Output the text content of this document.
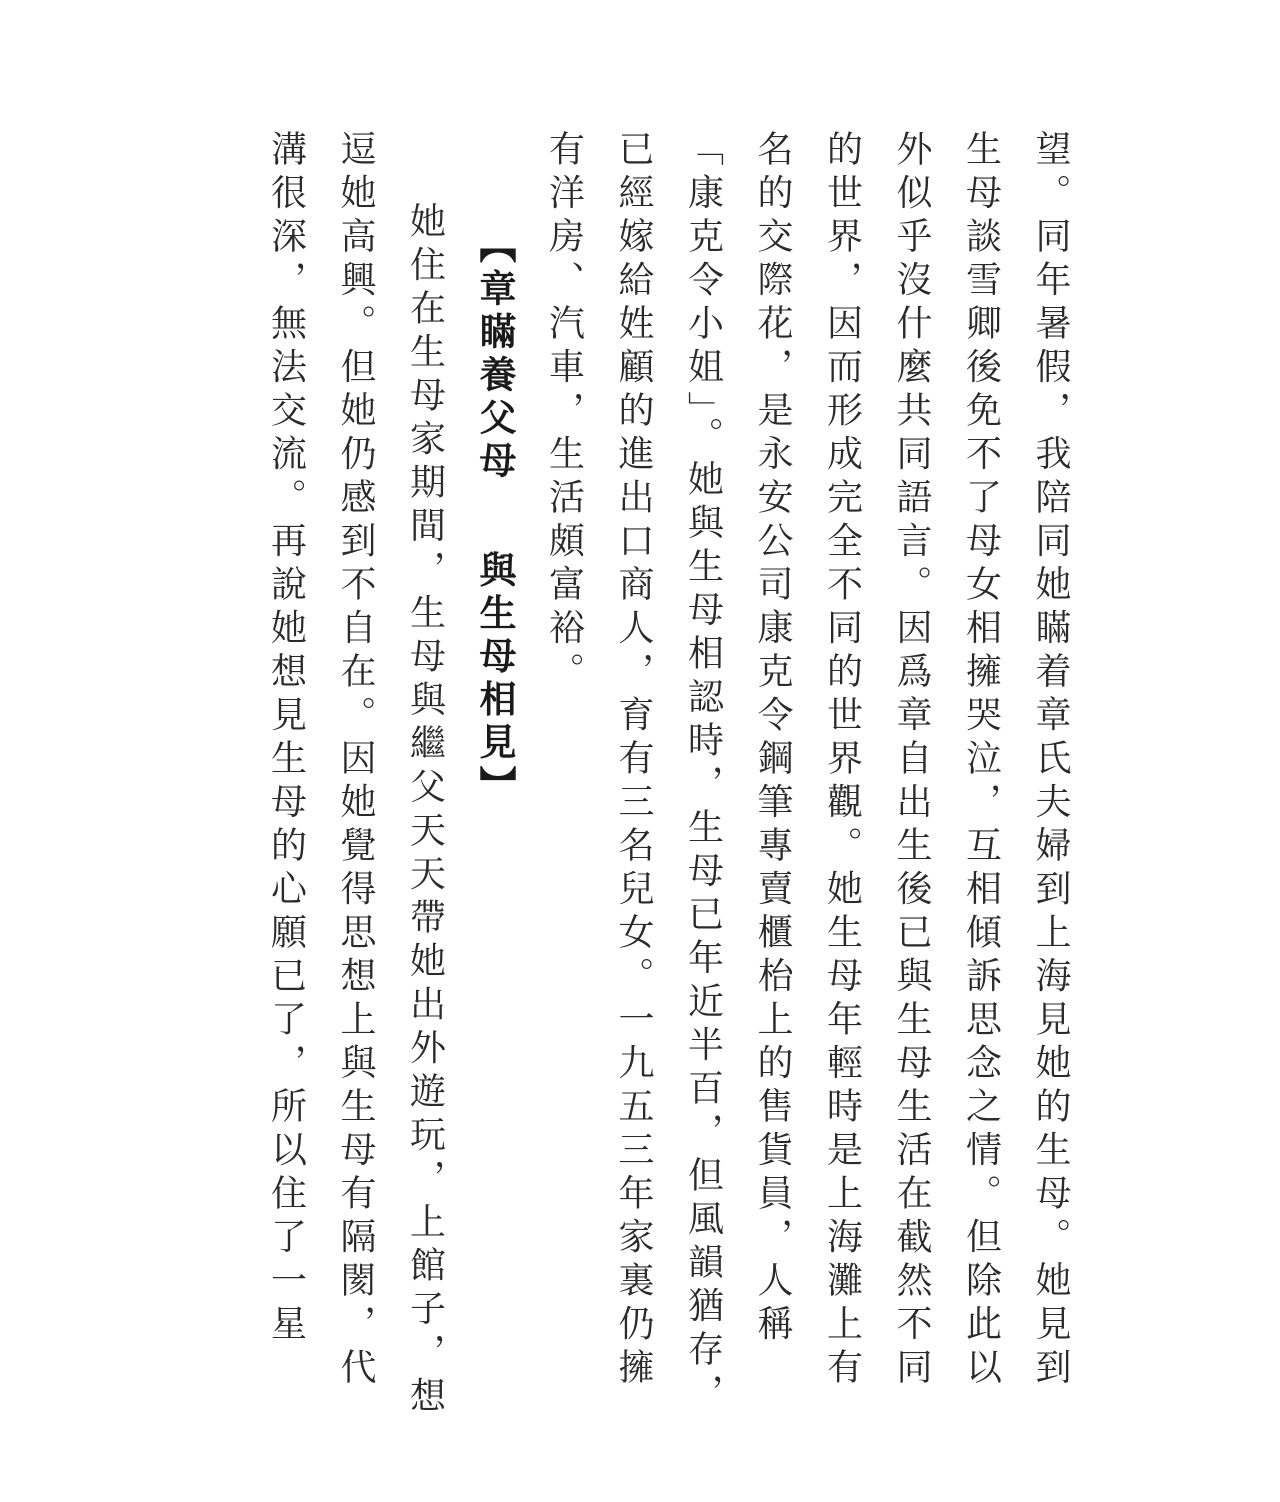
望。同年暑假，我陪同她瞞着章氏夫婦到上海見她的生母。她見到生母談雪卿後免不了母女相擁哭泣，互相傾訴思念之情。但除此以外似乎沒什麼共同語言。因爲章自出生後已與生母生活在截然不同的世界，因而形成完全不同的世界觀。她生母年輕時是上海灘上有名的交際花，是永安公司康克令鋼筆專賣櫃枱上的售貨員，人稱「康克令小姐」。她與生母相認時，生母已年近半百，但風韻猶存，已經嫁給姓顧的進出口商人，育有三名兒女。一九五三年家裏仍擁有洋房、汽車，生活頗富裕。

【章瞞養父母與生母相見】

她住在生母家期間，生母與繼父天天帶她出外遊玩，上館子，想逗她高興。但她仍感到不自在。因她覺得思想上與生母有隔閡，代溝很深，無法交流。再說她想見生母的心願已了，所以住了一星
